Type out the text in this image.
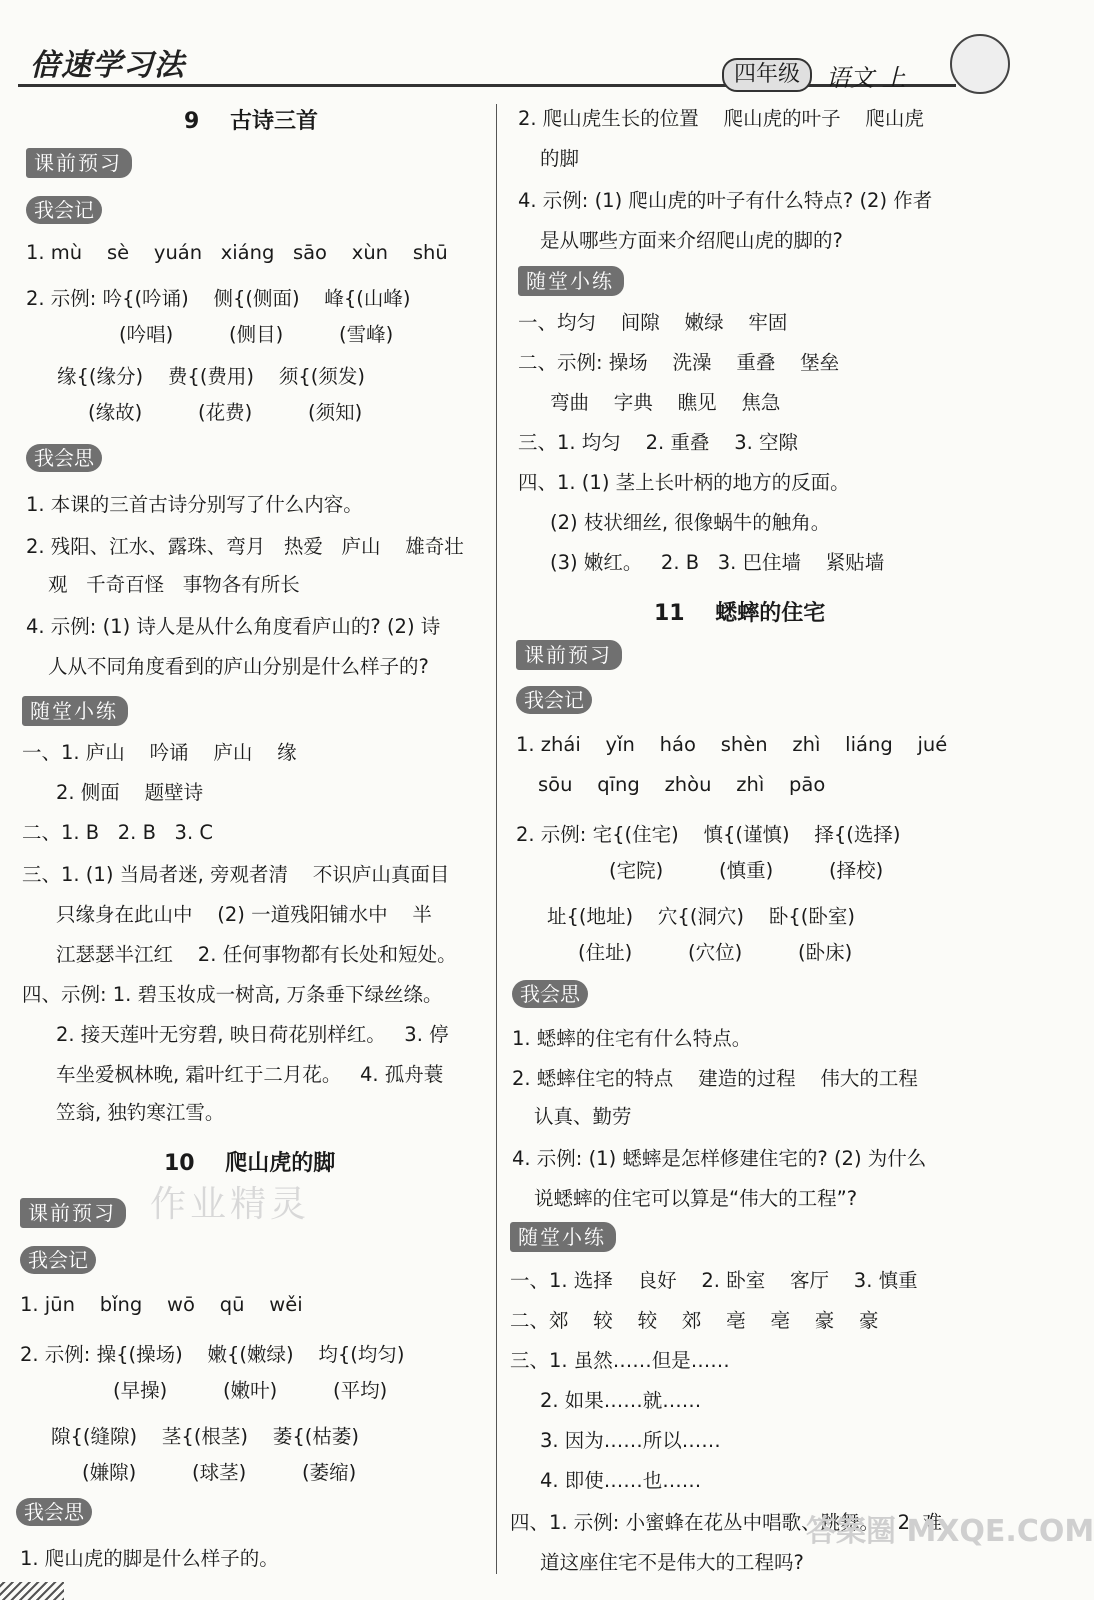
倍速学习法	四年级	语文 上
9    古诗三首
课前预习
我会记
1. mù    sè    yuán   xiáng   sāo    xùn    shū
2. 示例: 吟{(吟诵)    侧{(侧面)    峰{(山峰)
(吟唱)         (侧目)         (雪峰)
缘{(缘分)    费{(费用)    须{(须发)
(缘故)         (花费)         (须知)
我会思
1. 本课的三首古诗分别写了什么内容。
2. 残阳、江水、露珠、弯月   热爱   庐山    雄奇壮
观   千奇百怪   事物各有所长
4. 示例: (1) 诗人是从什么角度看庐山的? (2) 诗
人从不同角度看到的庐山分别是什么样子的?
随堂小练
一、1. 庐山    吟诵    庐山    缘
2. 侧面    题壁诗
二、1. B   2. B   3. C
三、1. (1) 当局者迷, 旁观者清    不识庐山真面目
只缘身在此山中    (2) 一道残阳铺水中    半
江瑟瑟半江红    2. 任何事物都有长处和短处。
四、示例: 1. 碧玉妆成一树高, 万条垂下绿丝绦。
2. 接天莲叶无穷碧, 映日荷花别样红。   3. 停
车坐爱枫林晚, 霜叶红于二月花。   4. 孤舟蓑
笠翁, 独钓寒江雪。
10    爬山虎的脚
作业精灵
课前预习
我会记
1. jūn    bǐng    wō    qū    wěi
2. 示例: 操{(操场)    嫩{(嫩绿)    均{(均匀)
(早操)         (嫩叶)         (平均)
隙{(缝隙)    茎{(根茎)    萎{(枯萎)
(嫌隙)         (球茎)         (萎缩)
我会思
1. 爬山虎的脚是什么样子的。
2. 爬山虎生长的位置    爬山虎的叶子    爬山虎
的脚
4. 示例: (1) 爬山虎的叶子有什么特点? (2) 作者
是从哪些方面来介绍爬山虎的脚的?
随堂小练
一、均匀    间隙    嫩绿    牢固
二、示例: 操场    洗澡    重叠    堡垒
弯曲    字典    瞧见    焦急
三、1. 均匀    2. 重叠    3. 空隙
四、1. (1) 茎上长叶柄的地方的反面。
(2) 枝状细丝, 很像蜗牛的触角。
(3) 嫩红。   2. B   3. 巴住墙    紧贴墙
11    蟋蟀的住宅
课前预习
我会记
1. zhái    yǐn    háo    shèn    zhì    liáng    jué
sōu    qīng    zhòu    zhì    pāo
2. 示例: 宅{(住宅)    慎{(谨慎)    择{(选择)
(宅院)         (慎重)         (择校)
址{(地址)    穴{(洞穴)    卧{(卧室)
(住址)         (穴位)         (卧床)
我会思
1. 蟋蟀的住宅有什么特点。
2. 蟋蟀住宅的特点    建造的过程    伟大的工程
认真、勤劳
4. 示例: (1) 蟋蟀是怎样修建住宅的? (2) 为什么
说蟋蟀的住宅可以算是“伟大的工程”?
随堂小练
一、1. 选择    良好    2. 卧室    客厅    3. 慎重
二、郊    较    较    郊    亳    亳    豪    豪
三、1. 虽然……但是……
2. 如果……就……
3. 因为……所以……
4. 即使……也……
四、1. 示例: 小蜜蜂在花丛中唱歌、跳舞。   2. 难
道这座住宅不是伟大的工程吗?
答案圈 MXQE.COM
